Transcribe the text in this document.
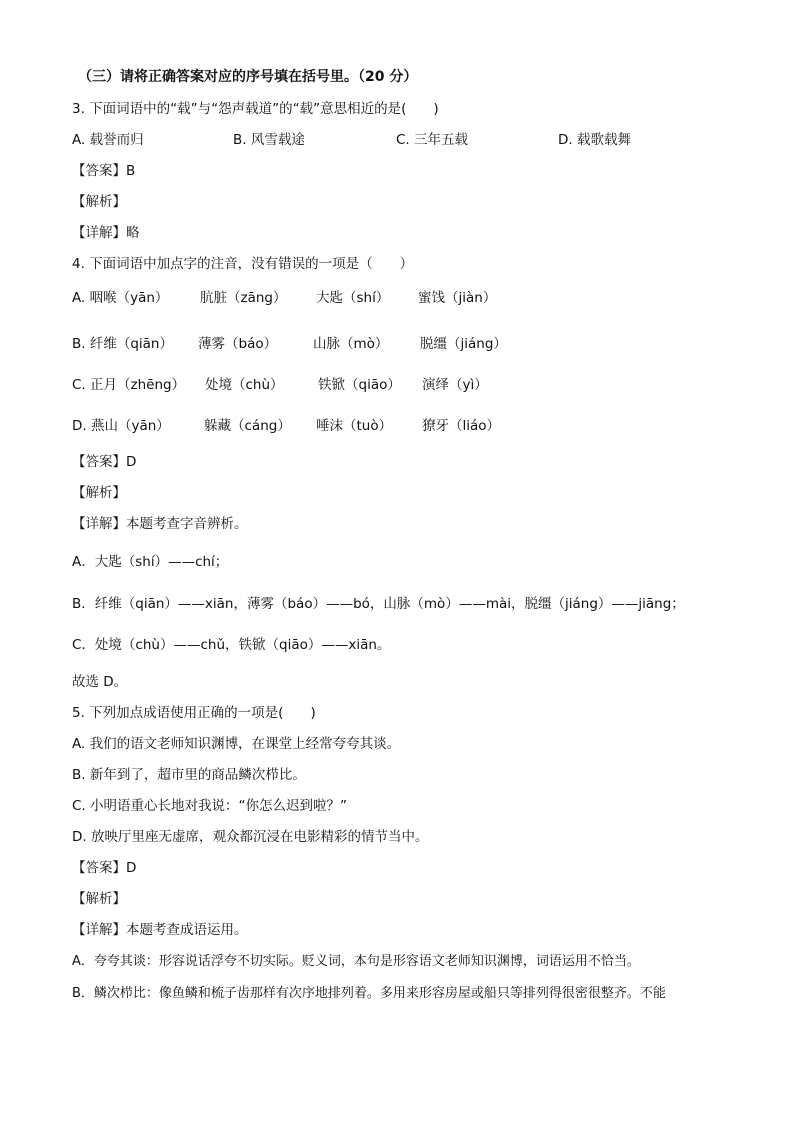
（三）请将正确答案对应的序号填在括号里。（20 分）
3. 下面词语中的“载”与“怨声载道”的“载”意思相近的是(　　)
A. 载誉而归	B. 风雪载途	C. 三年五载	D. 载歌载舞
【答案】B
【解析】
【详解】略
4. 下面词语中加点字的注音，没有错误的一项是（　　）
A. 咽喉（yān） 肮脏（zāng） 大匙（shí） 蜜饯（jiàn）
B. 纤维（qiān） 薄雾（báo）	山脉（mò） 脱缰（jiáng）
C. 正月（zhēng） 处境（chù）	铁锨（qiāo） 演绎（yì）
D. 燕山（yān）	躲藏（cáng） 唾沫（tuò） 獠牙（liáo）
【答案】D
【解析】
【详解】本题考查字音辨析。
A．大匙（shí）——chí；
B．纤维（qiān）——xiān，薄雾（báo）——bó，山脉（mò）——mài，脱缰（jiáng）——jiāng；
C．处境（chù）——chǔ，铁锨（qiāo）——xiān。
故选 D。
5. 下列加点成语使用正确的一项是(　　)
A. 我们的语文老师知识渊博，在课堂上经常夸夸其谈。
B. 新年到了，超市里的商品鳞次栉比。
C. 小明语重心长地对我说：“你怎么迟到啦？”
D. 放映厅里座无虚席，观众都沉浸在电影精彩的情节当中。
【答案】D
【解析】
【详解】本题考查成语运用。
A．夸夸其谈：形容说话浮夸不切实际。贬义词，本句是形容语文老师知识渊博，词语运用不恰当。
B．鳞次栉比：像鱼鳞和梳子齿那样有次序地排列着。多用来形容房屋或船只等排列得很密很整齐。不能
